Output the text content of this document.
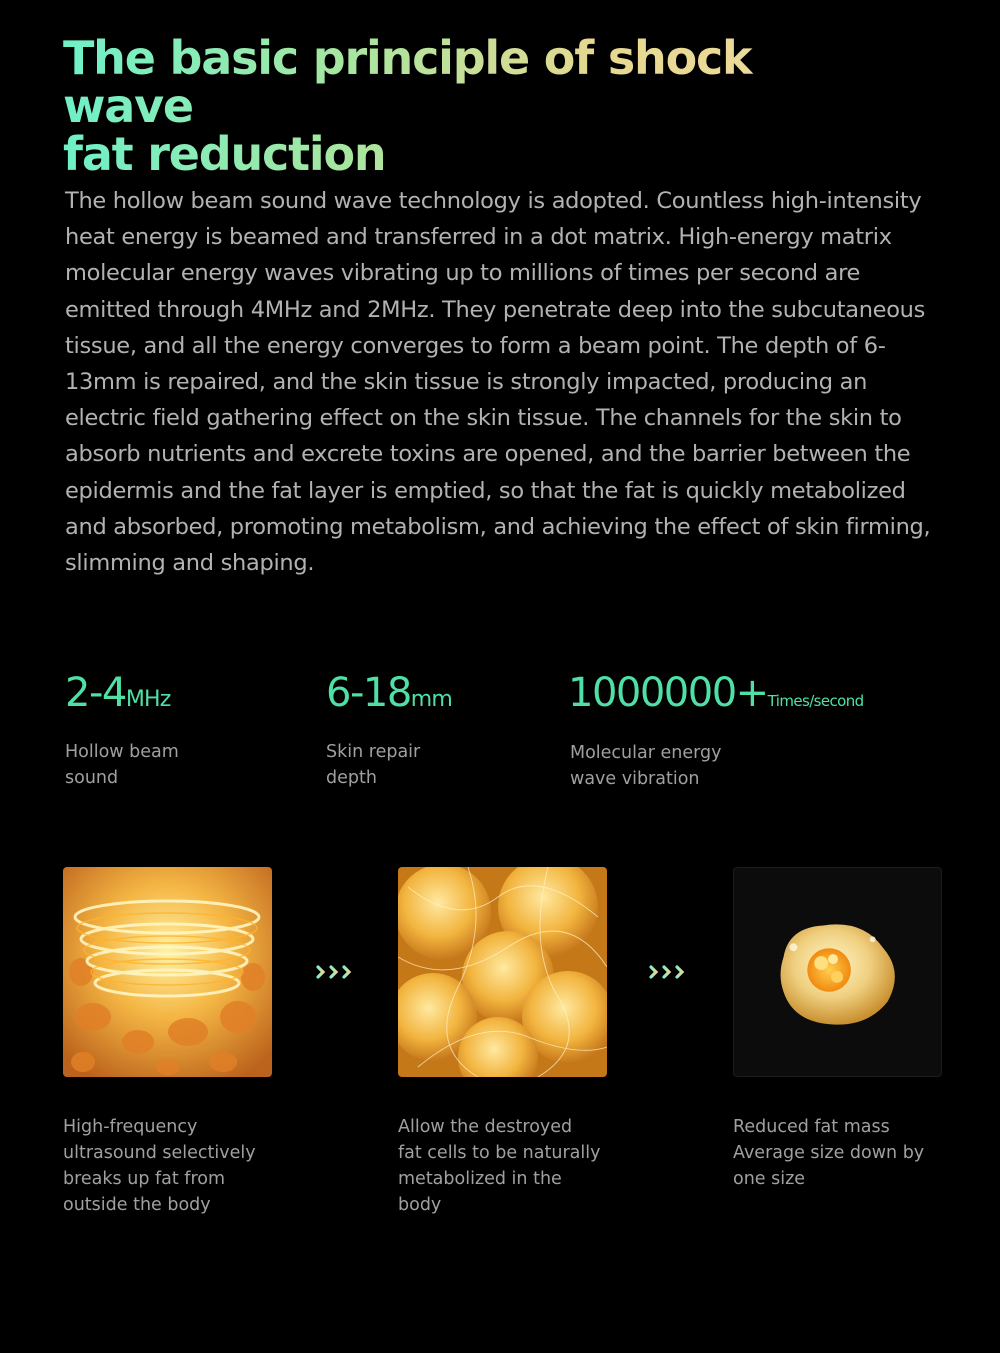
The basic principle of shock wave
fat reduction

The hollow beam sound wave technology is adopted. Countless high-intensity heat energy is beamed and transferred in a dot matrix. High-energy matrix molecular energy waves vibrating up to millions of times per second are emitted through 4MHz and 2MHz. They penetrate deep into the subcutaneous tissue, and all the energy converges to form a beam point. The depth of 6-13mm is repaired, and the skin tissue is strongly impacted, producing an electric field gathering effect on the skin tissue. The channels for the skin to absorb nutrients and excrete toxins are opened, and the barrier between the epidermis and the fat layer is emptied, so that the fat is quickly metabolized and absorbed, promoting metabolism, and achieving the effect of skin firming, slimming and shaping.

2-4MHz
Hollow beam
sound
6-18mm
Skin repair
depth
1000000+Times/second
Molecular energy
wave vibration
High-frequency
ultrasound selectively
breaks up fat from
outside the body
Allow the destroyed
fat cells to be naturally
metabolized in the
body
Reduced fat mass
Average size down by
one size
